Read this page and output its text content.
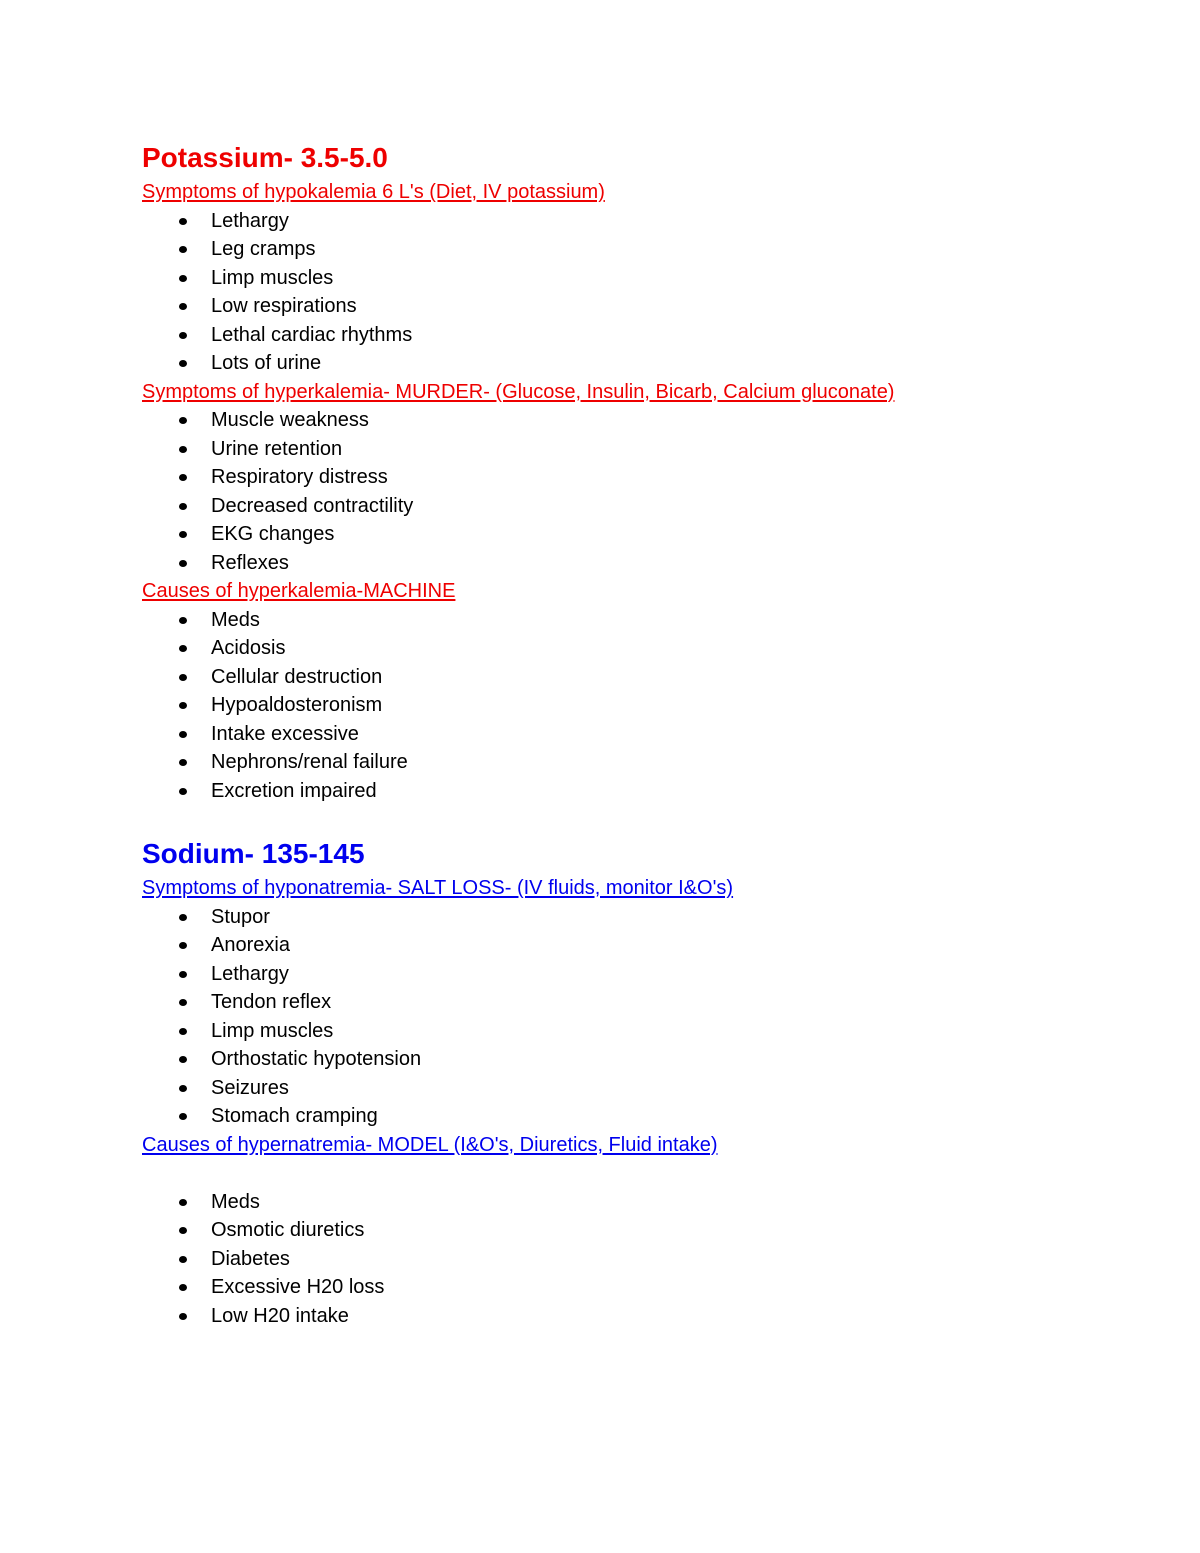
Potassium- 3.5-5.0
Symptoms of hypokalemia 6 L's (Diet, IV potassium)
Lethargy
Leg cramps
Limp muscles
Low respirations
Lethal cardiac rhythms
Lots of urine
Symptoms of hyperkalemia- MURDER- (Glucose, Insulin, Bicarb, Calcium gluconate)
Muscle weakness
Urine retention
Respiratory distress
Decreased contractility
EKG changes
Reflexes
Causes of hyperkalemia-MACHINE
Meds
Acidosis
Cellular destruction
Hypoaldosteronism
Intake excessive
Nephrons/renal failure
Excretion impaired
Sodium- 135-145
Symptoms of hyponatremia- SALT LOSS- (IV fluids, monitor I&O's)
Stupor
Anorexia
Lethargy
Tendon reflex
Limp muscles
Orthostatic hypotension
Seizures
Stomach cramping
Causes of hypernatremia- MODEL (I&O's, Diuretics, Fluid intake)
Meds
Osmotic diuretics
Diabetes
Excessive H20 loss
Low H20 intake
